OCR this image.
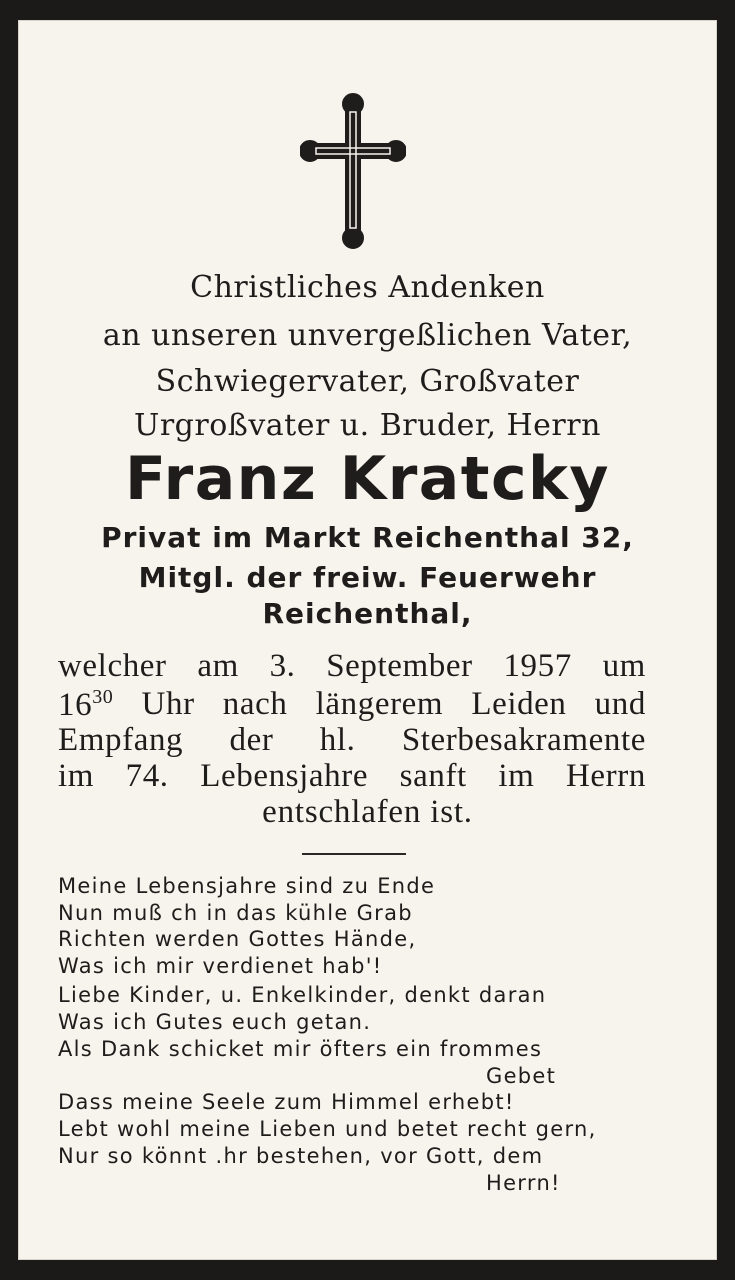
Christliches Andenken
an unseren unvergeßlichen Vater,
Schwiegervater, Großvater
Urgroßvater u. Bruder, Herrn
Franz Kratcky
Privat im Markt Reichenthal 32,
Mitgl. der freiw. Feuerwehr
Reichenthal,
welcher am 3. September 1957 um
$16^{30}$ Uhr nach längerem Leiden und
Empfang der hl. Sterbesakramente
im 74. Lebensjahre sanft im Herrn
entschlafen ist.
Meine Lebensjahre sind zu Ende
Nun muß ch in das kühle Grab
Richten werden Gottes Hände,
Was ich mir verdienet hab'!
Liebe Kinder, u. Enkelkinder, denkt daran
Was ich Gutes euch getan.
Als Dank schicket mir öfters ein frommes
Gebet
Dass meine Seele zum Himmel erhebt!
Lebt wohl meine Lieben und betet recht gern,
Nur so könnt .hr bestehen, vor Gott, dem
Herrn!
